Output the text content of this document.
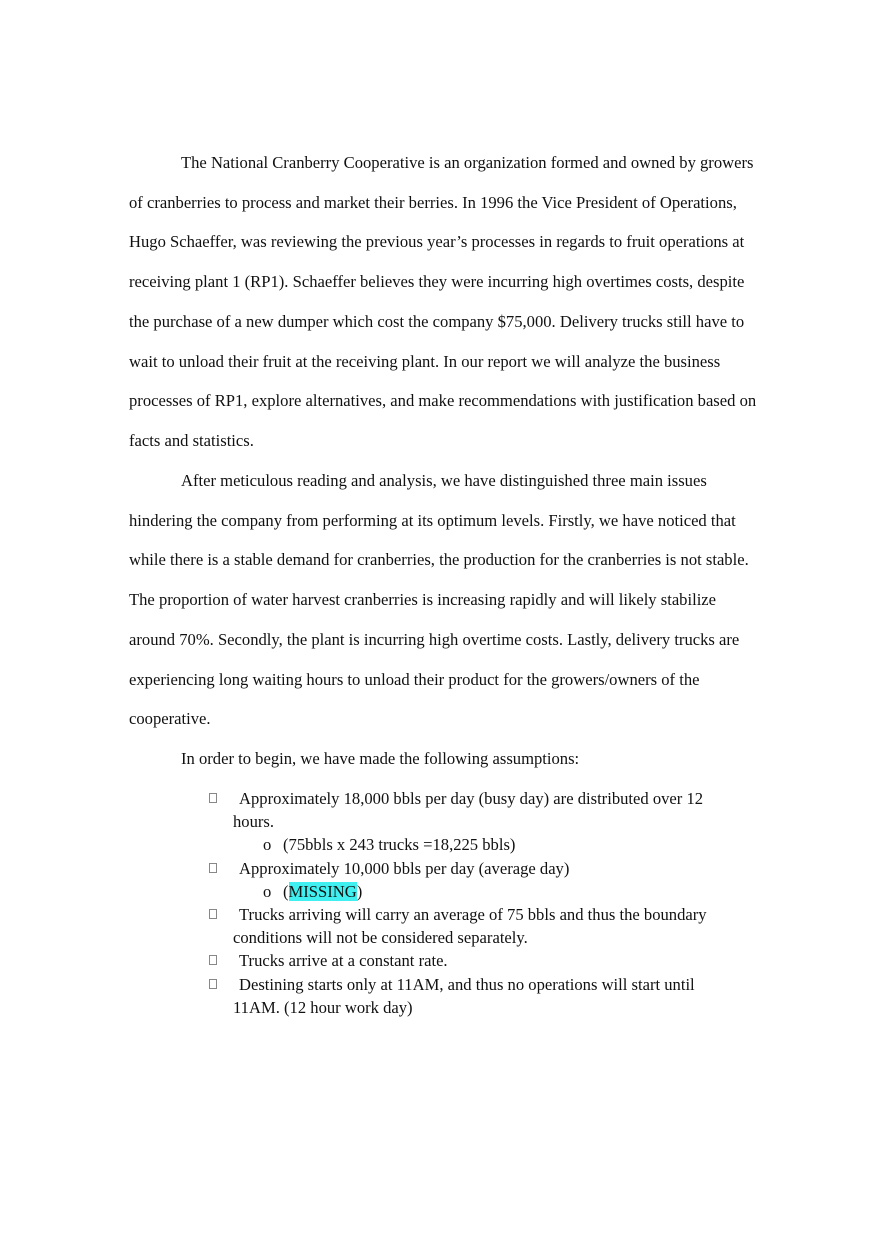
The National Cranberry Cooperative is an organization formed and owned by growers of cranberries to process and market their berries. In 1996 the Vice President of Operations, Hugo Schaeffer, was reviewing the previous year’s processes in regards to fruit operations at receiving plant 1 (RP1). Schaeffer believes they were incurring high overtimes costs, despite the purchase of a new dumper which cost the company $75,000. Delivery trucks still have to wait to unload their fruit at the receiving plant. In our report we will analyze the business processes of RP1, explore alternatives, and make recommendations with justification based on facts and statistics.

After meticulous reading and analysis, we have distinguished three main issues hindering the company from performing at its optimum levels. Firstly, we have noticed that while there is a stable demand for cranberries, the production for the cranberries is not stable. The proportion of water harvest cranberries is increasing rapidly and will likely stabilize around 70%. Secondly, the plant is incurring high overtime costs. Lastly, delivery trucks are experiencing long waiting hours to unload their product for the growers/owners of the cooperative.

In order to begin, we have made the following assumptions:

Approximately 18,000 bbls per day (busy day) are distributed over 12 hours.
o (75bbls x 243 trucks =18,225 bbls)
Approximately 10,000 bbls per day (average day)
o (MISSING)
Trucks arriving will carry an average of 75 bbls and thus the boundary conditions will not be considered separately.
Trucks arrive at a constant rate.
Destining starts only at 11AM, and thus no operations will start until 11AM. (12 hour work day)
